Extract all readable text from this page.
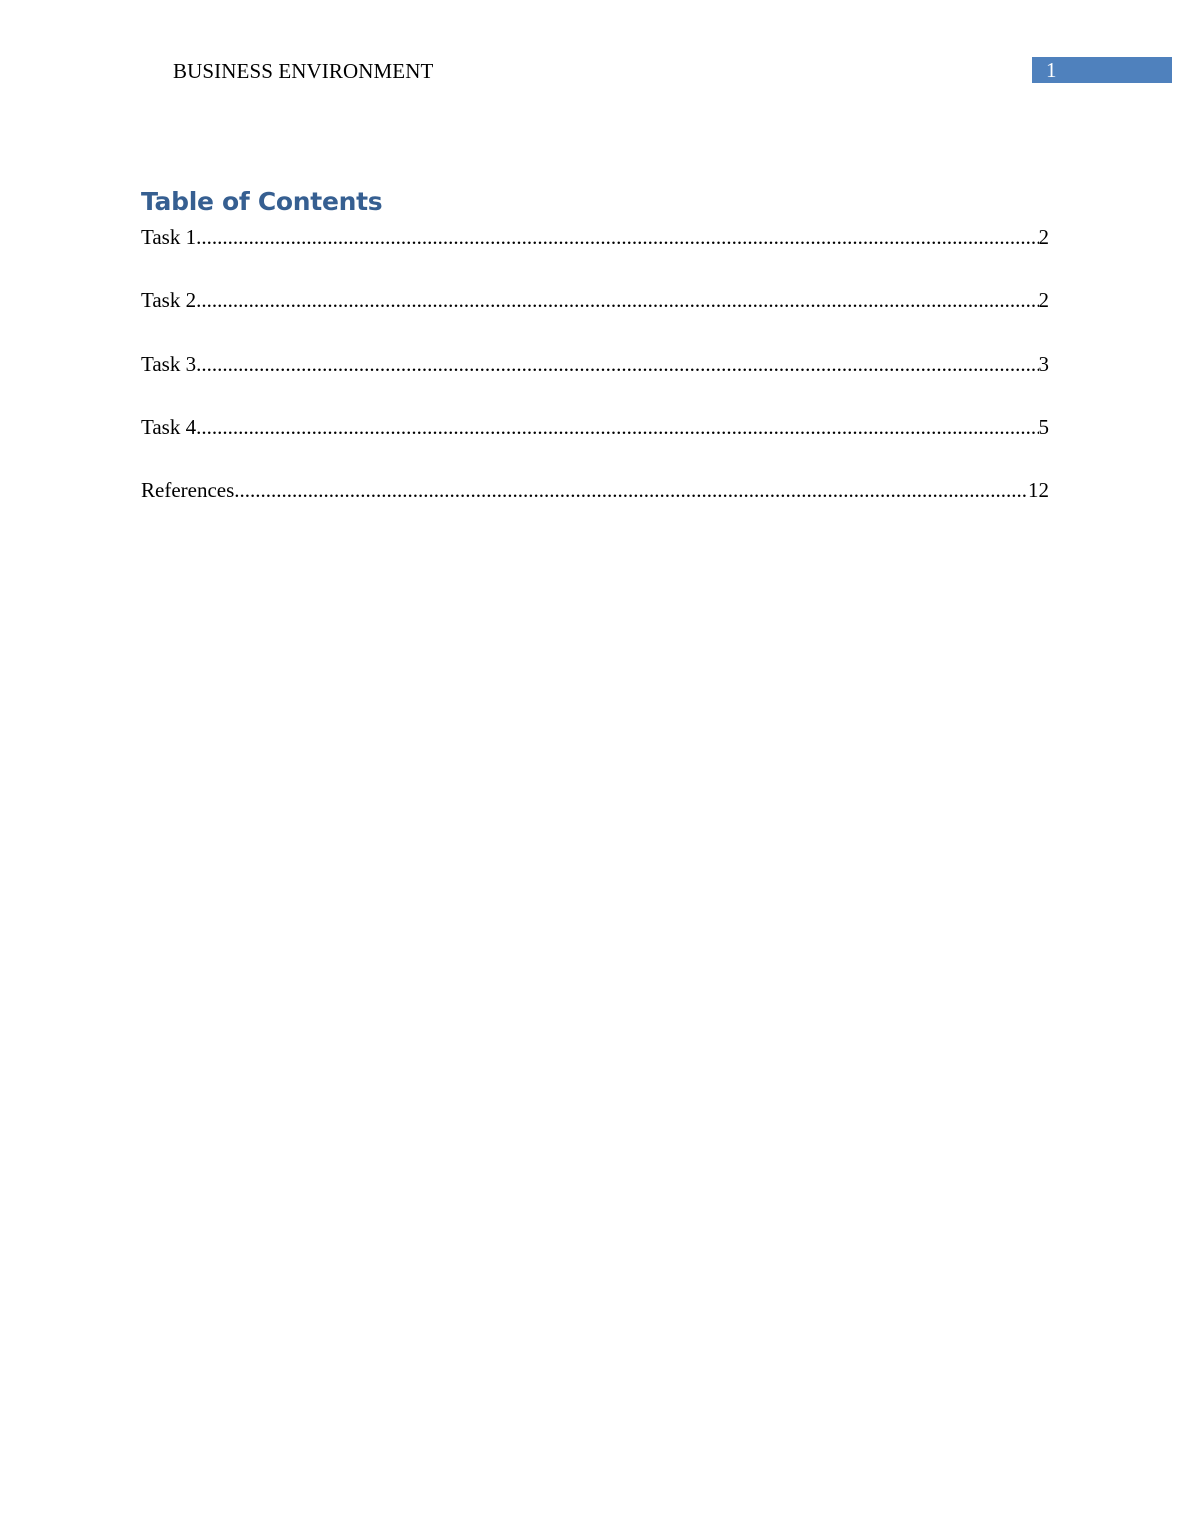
BUSINESS ENVIRONMENT	1
Table of Contents
Task 1 .....	2
Task 2 .....	2
Task 3 .....	3
Task 4 .....	5
References .....	12
